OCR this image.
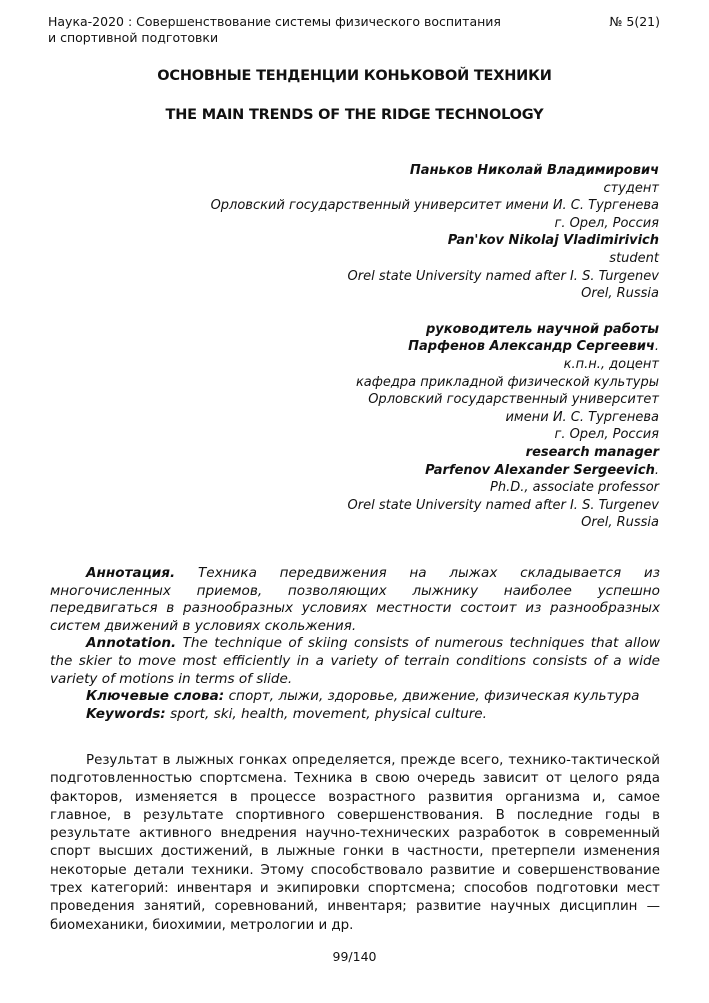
Наука-2020 : Совершенствование системы физического воспитания
и спортивной подготовки
№ 5(21)
ОСНОВНЫЕ ТЕНДЕНЦИИ КОНЬКОВОЙ ТЕХНИКИ
THE MAIN TRENDS OF THE RIDGE TECHNOLOGY
Паньков Николай Владимирович
студент
Орловский государственный университет имени И. С. Тургенева
г. Орел, Россия
Pan'kov Nikolaj Vladimirivich
student
Orel state University named after I. S. Turgenev
Orel, Russia
руководитель научной работы
Парфенов Александр Сергеевич.
к.п.н., доцент
кафедра прикладной физической культуры
Орловский государственный университет
имени И. С. Тургенева
г. Орел, Россия
research manager
Parfenov Alexander Sergeevich.
Ph.D., associate professor
Orel state University named after I. S. Turgenev
Orel, Russia

Аннотация. Техника передвижения на лыжах складывается из многочисленных приемов, позволяющих лыжнику наиболее успешно передвигаться в разнообразных условиях местности состоит из разнообразных систем движений в условиях скольжения.

Annotation. The technique of skiing consists of numerous techniques that allow the skier to move most efficiently in a variety of terrain conditions consists of a wide variety of motions in terms of slide.

Ключевые слова: спорт, лыжи, здоровье, движение, физическая культура

Keywords: sport, ski, health, movement, physical culture.

Результат в лыжных гонках определяется, прежде всего, технико-тактической подготовленностью спортсмена. Техника в свою очередь зависит от целого ряда факторов, изменяется в процессе возрастного развития организма и, самое главное, в результате спортивного совершенствования. В последние годы в результате активного внедрения научно-технических разработок в современный спорт высших достижений, в лыжные гонки в частности, претерпели изменения некоторые детали техники. Этому способствовало развитие и совершенствование трех категорий: инвентаря и экипировки спортсмена; способов подготовки мест проведения занятий, соревнований, инвентаря; развитие научных дисциплин — биомеханики, биохимии, метрологии и др.

99/140
